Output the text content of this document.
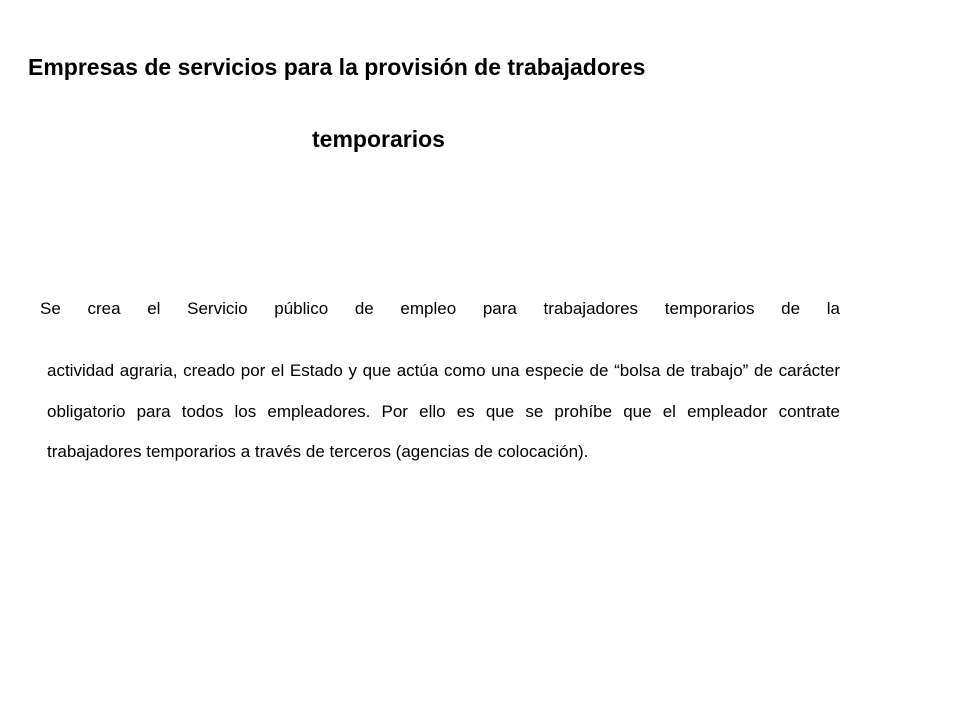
Empresas de servicios para la provisión de trabajadores
temporarios

Se crea el Servicio público de empleo para trabajadores temporarios de la

actividad agraria, creado por el Estado y que actúa como una especie de “bolsa de trabajo” de carácter obligatorio para todos los empleadores. Por ello es que se prohíbe que el empleador contrate trabajadores temporarios a través de terceros (agencias de colocación).
